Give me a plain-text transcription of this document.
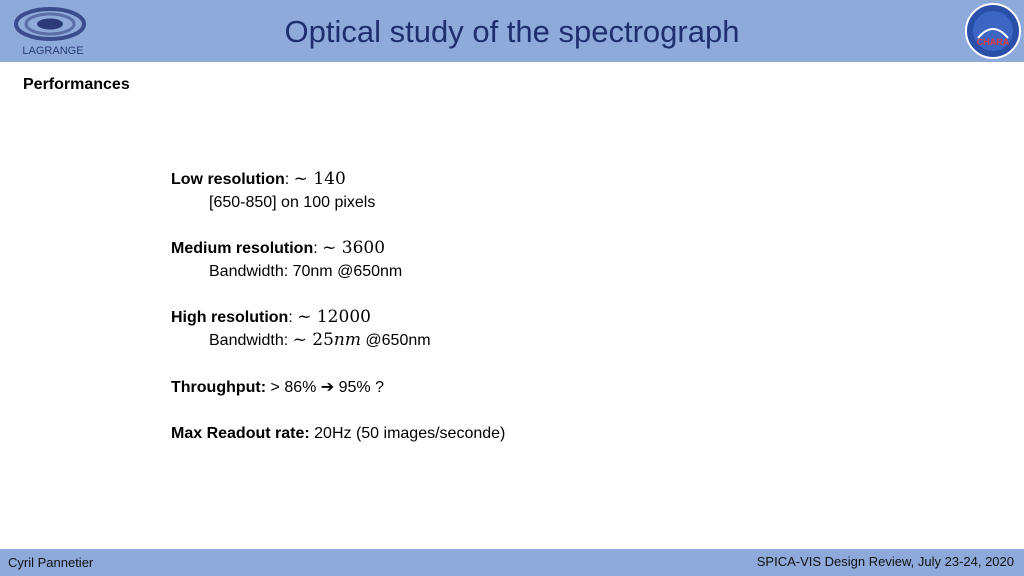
LAGRANGE
Optical study of the spectrograph	CHARA
Performances
Low resolution: ~ 140
[650-850] on 100 pixels
Medium resolution: ~ 3600
Bandwidth: 70nm @650nm
High resolution: ~ 12000
Bandwidth: ~ 25nm @650nm
Throughput: > 86% ➔ 95% ?
Max Readout rate: 20Hz (50 images/seconde)
Cyril Pannetier	SPICA-VIS Design Review, July 23-24, 2020
